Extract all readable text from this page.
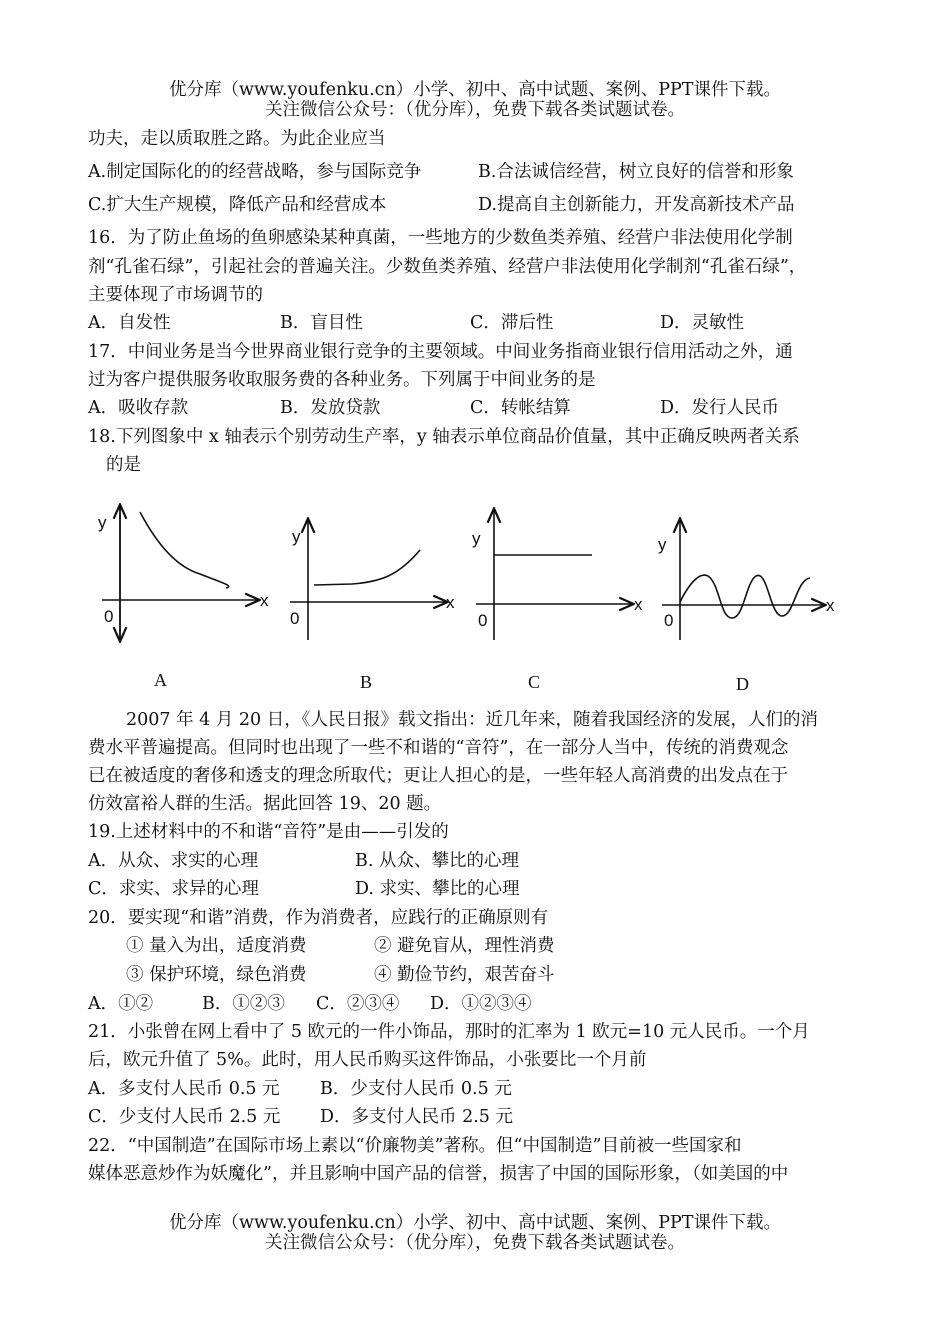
优分库（www.youfenku.cn）小学、初中、高中试题、案例、PPT课件下载。
关注微信公众号：（优分库），免费下载各类试题试卷。
功夫，走以质取胜之路。为此企业应当
A.制定国际化的的经营战略，参与国际竞争	B.合法诚信经营，树立良好的信誉和形象
C.扩大生产规模，降低产品和经营成本	D.提高自主创新能力，开发高新技术产品
16．为了防止鱼场的鱼卵感染某种真菌，一些地方的少数鱼类养殖、经营户非法使用化学制
剂“孔雀石绿”，引起社会的普遍关注。少数鱼类养殖、经营户非法使用化学制剂“孔雀石绿”，
主要体现了市场调节的
A．自发性	B．盲目性	C．滞后性	D．灵敏性
17．中间业务是当今世界商业银行竞争的主要领域。中间业务指商业银行信用活动之外，通
过为客户提供服务收取服务费的各种业务。下列属于中间业务的是
A．吸收存款	B．发放贷款	C．转帐结算	D．发行人民币
18.下列图象中 x 轴表示个别劳动生产率，y 轴表示单位商品价值量，其中正确反映两者关系
的是
y
x
0
A
y
x
0
B
y
x
0
C
y
x
0
D
2007 年 4 月 20 日，《人民日报》载文指出：近几年来，随着我国经济的发展，人们的消
费水平普遍提高。但同时也出现了一些不和谐的“音符”，在一部分人当中，传统的消费观念
已在被适度的奢侈和透支的理念所取代；更让人担心的是，一些年轻人高消费的出发点在于
仿效富裕人群的生活。据此回答 19、20 题。
19.上述材料中的不和谐“音符”是由——引发的
A．从众、求实的心理	B. 从众、攀比的心理
C．求实、求异的心理	D. 求实、攀比的心理
20．要实现“和谐”消费，作为消费者，应践行的正确原则有
① 量入为出，适度消费	② 避免盲从，理性消费
③ 保护环境，绿色消费	④ 勤俭节约，艰苦奋斗
A．①②	B．①②③ C．②③④ D．①②③④
21．小张曾在网上看中了 5 欧元的一件小饰品，那时的汇率为 1 欧元=10 元人民币。一个月
后，欧元升值了 5%。此时，用人民币购买这件饰品，小张要比一个月前
A．多支付人民币 0.5 元 B．少支付人民币 0.5 元
C．少支付人民币 2.5 元 D．多支付人民币 2.5 元
22．“中国制造”在国际市场上素以“价廉物美”著称。但“中国制造”目前被一些国家和
媒体恶意炒作为妖魔化”，并且影响中国产品的信誉，损害了中国的国际形象，（如美国的中
优分库（www.youfenku.cn）小学、初中、高中试题、案例、PPT课件下载。
关注微信公众号：（优分库），免费下载各类试题试卷。
